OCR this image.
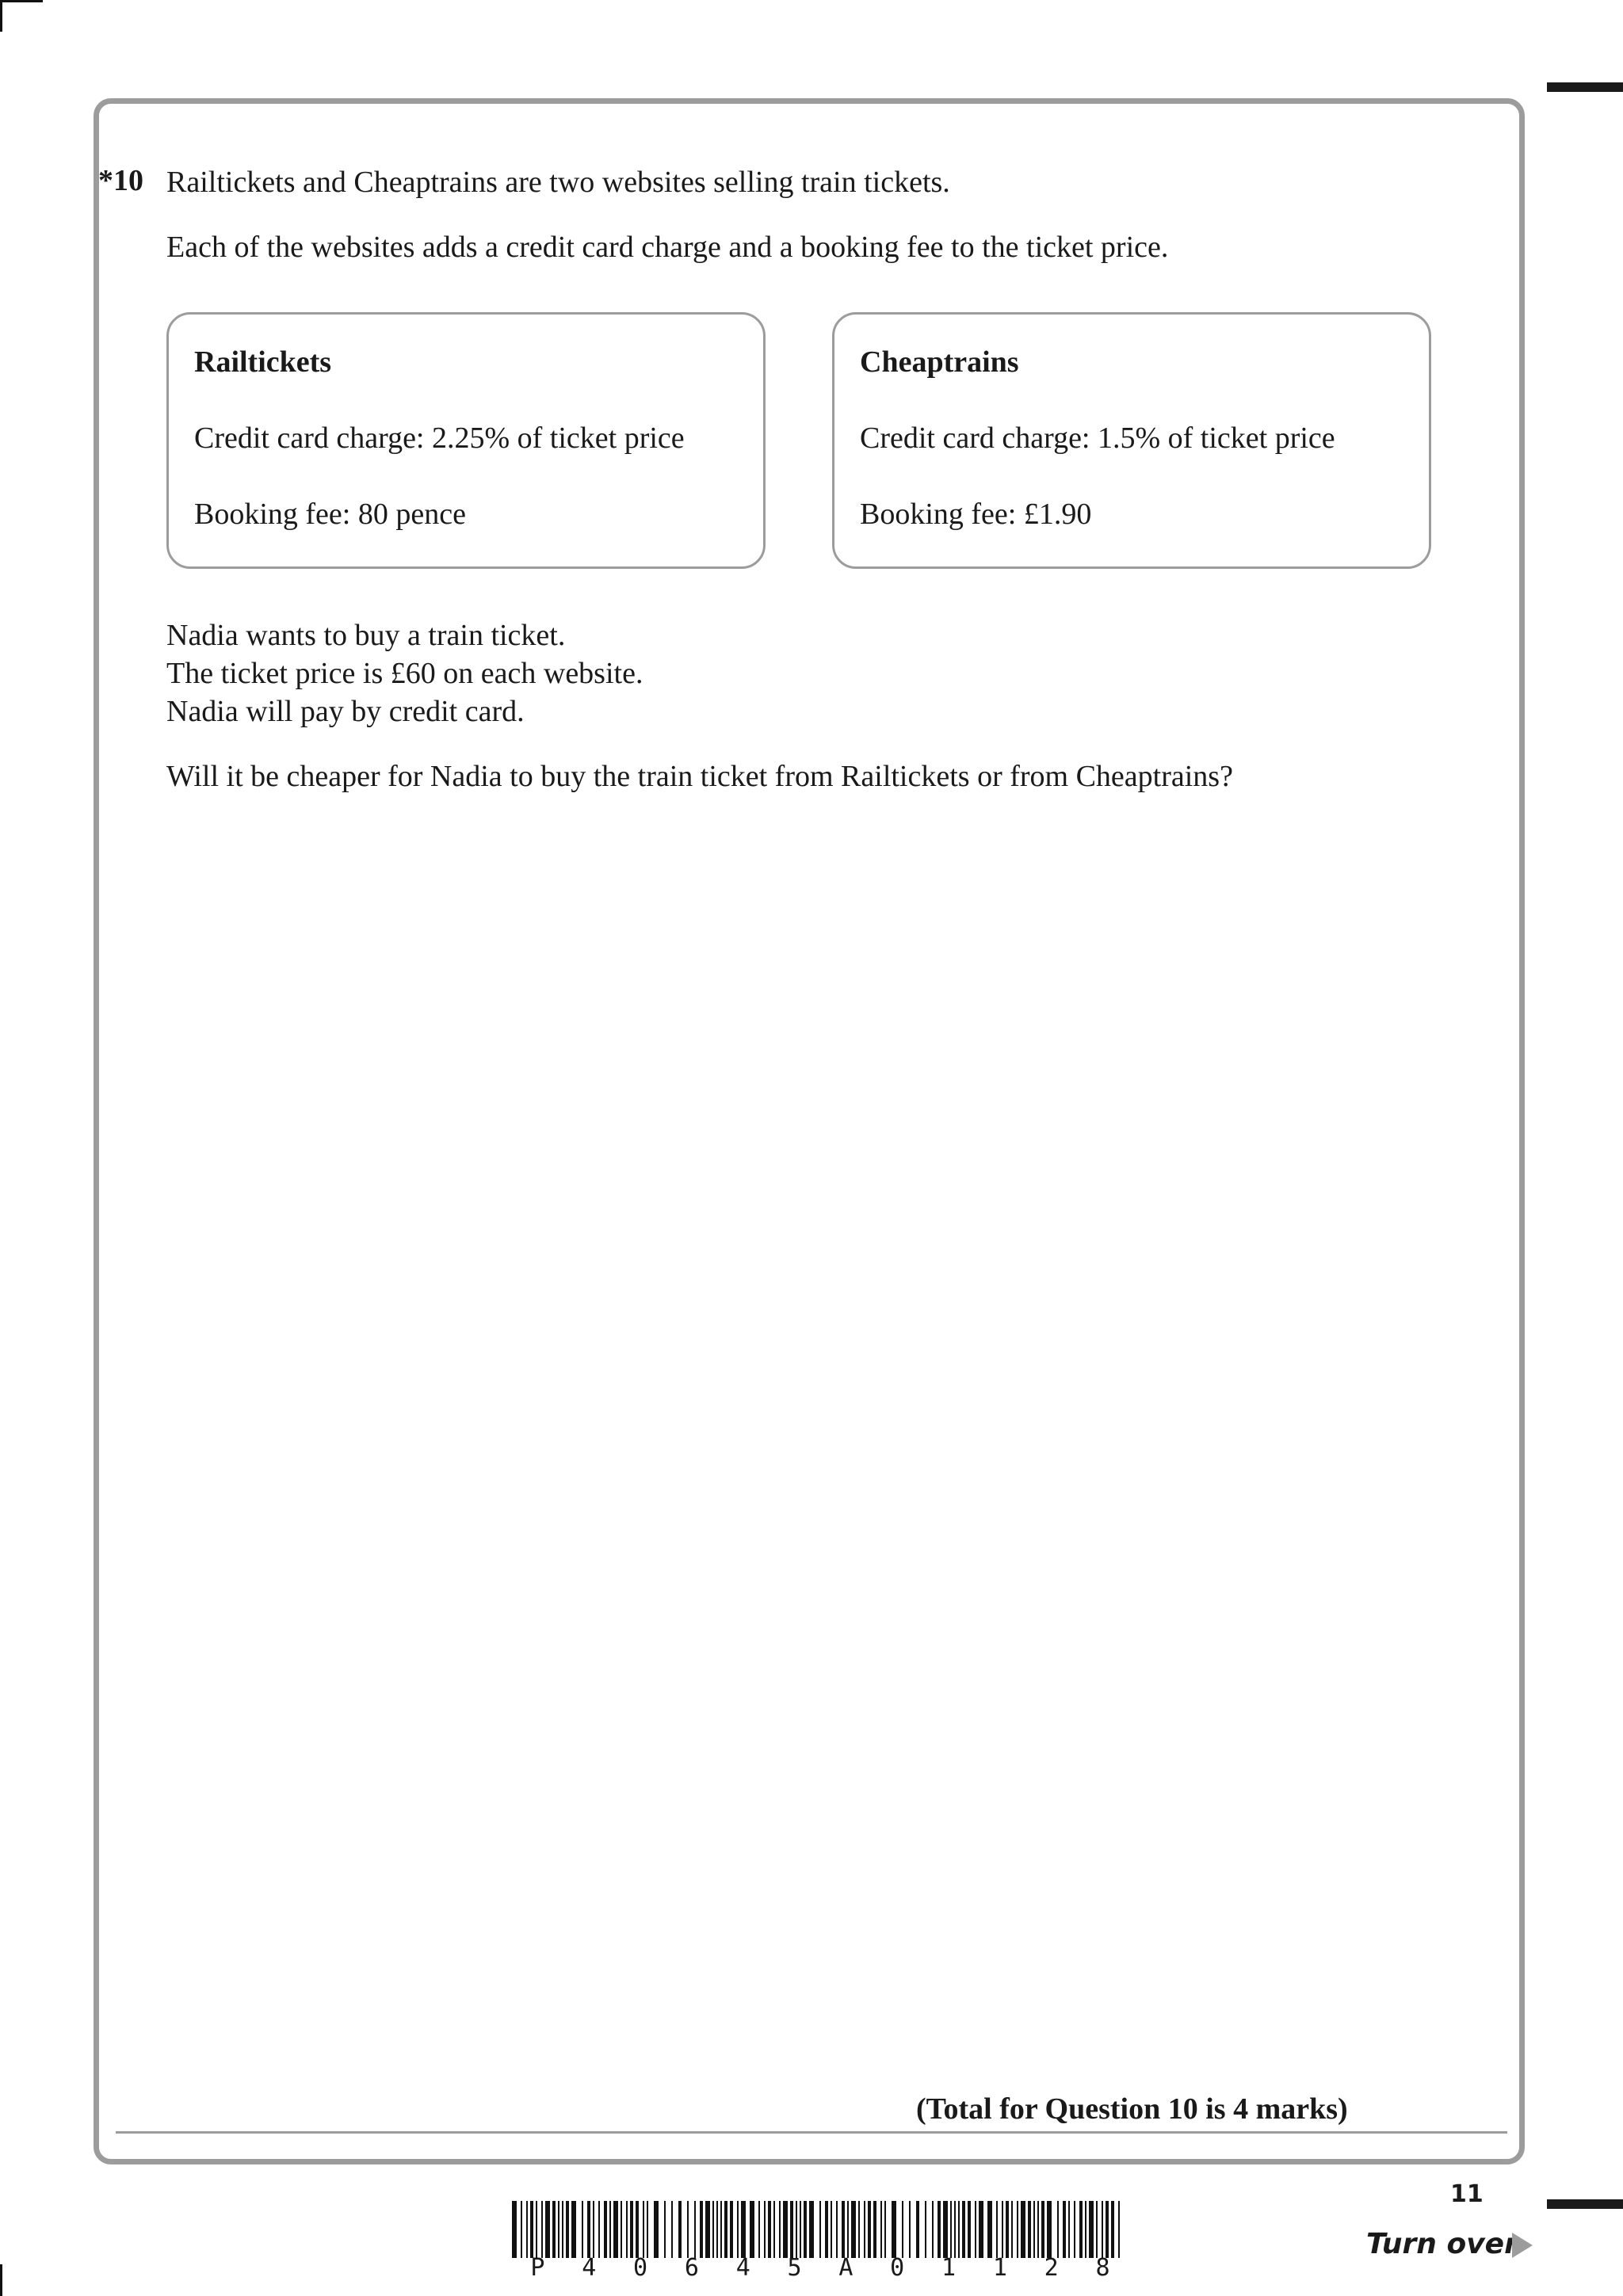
*10 Railtickets and Cheaptrains are two websites selling train tickets.
Each of the websites adds a credit card charge and a booking fee to the ticket price.
Railtickets
Credit card charge: 2.25% of ticket price
Booking fee: 80 pence
Cheaptrains
Credit card charge: 1.5% of ticket price
Booking fee: £1.90
Nadia wants to buy a train ticket.
The ticket price is £60 on each website.
Nadia will pay by credit card.
Will it be cheaper for Nadia to buy the train ticket from Railtickets or from Cheaptrains?
(Total for Question 10 is 4 marks)
11
Turn over
P 4 0 6 4 5 A 0 1 1 2 8
